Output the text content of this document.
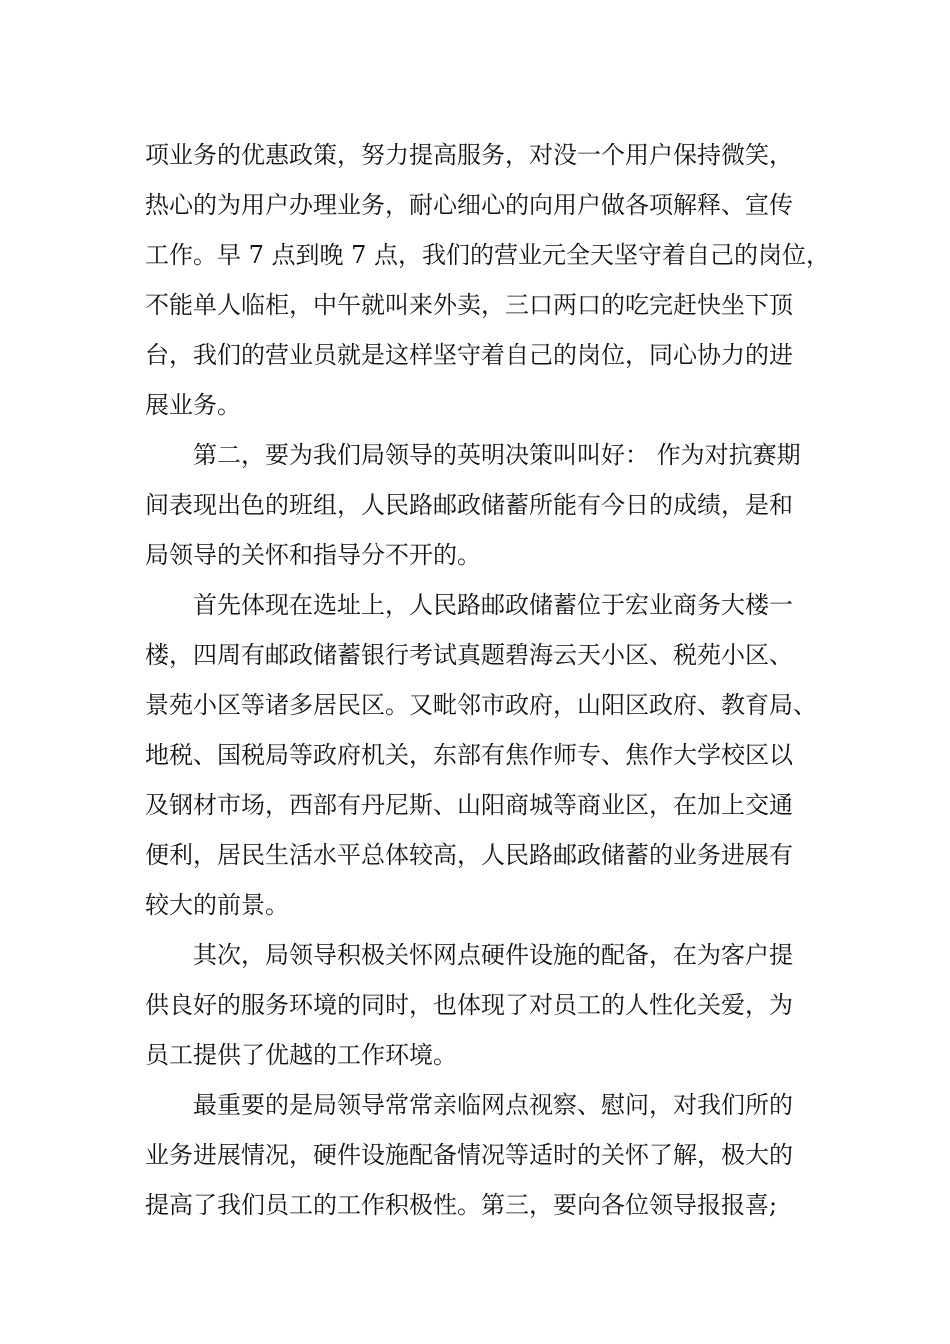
项业务的优惠政策，努力提高服务，对没一个用户保持微笑，
热心的为用户办理业务，耐心细心的向用户做各项解释、宣传
工作。早 7 点到晚 7 点，我们的营业元全天坚守着自己的岗位，
不能单人临柜，中午就叫来外卖，三口两口的吃完赶快坐下顶
台，我们的营业员就是这样坚守着自己的岗位，同心协力的进
展业务。
第二，要为我们局领导的英明决策叫叫好： 作为对抗赛期
间表现出色的班组，人民路邮政储蓄所能有今日的成绩，是和
局领导的关怀和指导分不开的。
首先体现在选址上，人民路邮政储蓄位于宏业商务大楼一
楼，四周有邮政储蓄银行考试真题碧海云天小区、税苑小区、
景苑小区等诸多居民区。又毗邻市政府，山阳区政府、教育局、
地税、国税局等政府机关，东部有焦作师专、焦作大学校区以
及钢材市场，西部有丹尼斯、山阳商城等商业区，在加上交通
便利，居民生活水平总体较高，人民路邮政储蓄的业务进展有
较大的前景。
其次，局领导积极关怀网点硬件设施的配备，在为客户提
供良好的服务环境的同时，也体现了对员工的人性化关爱，为
员工提供了优越的工作环境。
最重要的是局领导常常亲临网点视察、慰问，对我们所的
业务进展情况，硬件设施配备情况等适时的关怀了解，极大的
提高了我们员工的工作积极性。第三，要向各位领导报报喜;
